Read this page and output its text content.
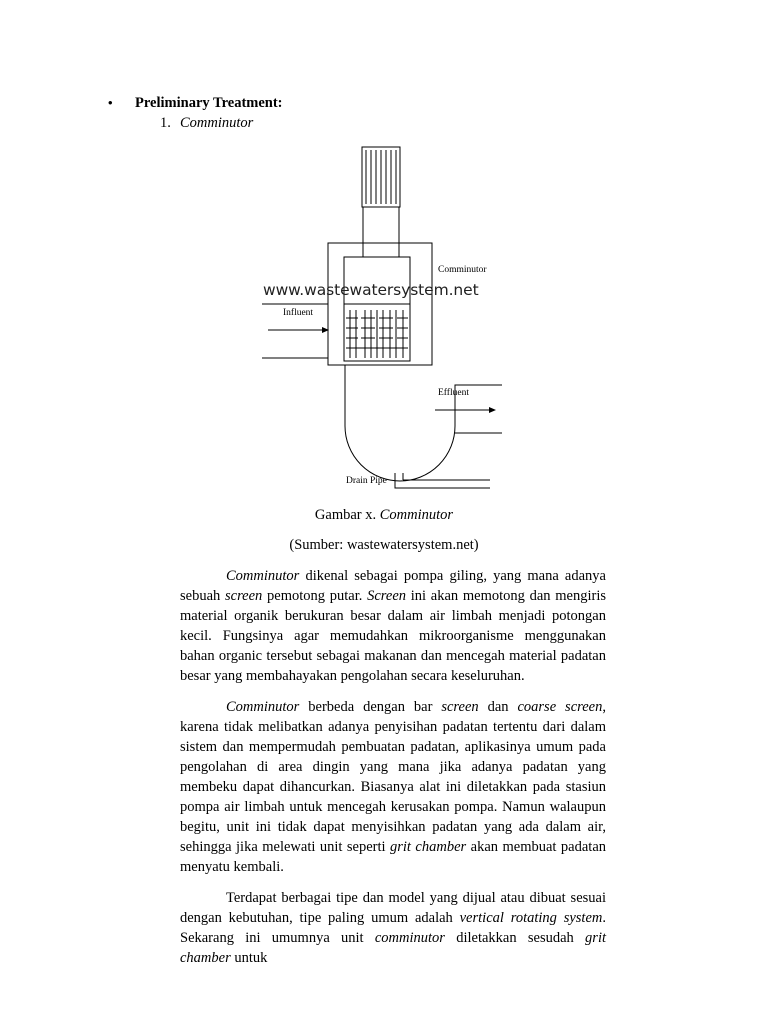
• Preliminary Treatment:
1. Comminutor
Comminutor
Influent
Effluent
Drain Pipe
www.wastewatersystem.net
Gambar x. Comminutor
(Sumber: wastewatersystem.net)

Comminutor dikenal sebagai pompa giling, yang mana adanya sebuah screen pemotong putar. Screen ini akan memotong dan mengiris material organik berukuran besar dalam air limbah menjadi potongan kecil. Fungsinya agar memudahkan mikroorganisme menggunakan bahan organic tersebut sebagai makanan dan mencegah material padatan besar yang membahayakan pengolahan secara keseluruhan.

Comminutor berbeda dengan bar screen dan coarse screen, karena tidak melibatkan adanya penyisihan padatan tertentu dari dalam sistem dan mempermudah pembuatan padatan, aplikasinya umum pada pengolahan di area dingin yang mana jika adanya padatan yang membeku dapat dihancurkan. Biasanya alat ini diletakkan pada stasiun pompa air limbah untuk mencegah kerusakan pompa. Namun walaupun begitu, unit ini tidak dapat menyisihkan padatan yang ada dalam air, sehingga jika melewati unit seperti grit chamber akan membuat padatan menyatu kembali.

Terdapat berbagai tipe dan model yang dijual atau dibuat sesuai dengan kebutuhan, tipe paling umum adalah vertical rotating system. Sekarang ini umumnya unit comminutor diletakkan sesudah grit chamber untuk
